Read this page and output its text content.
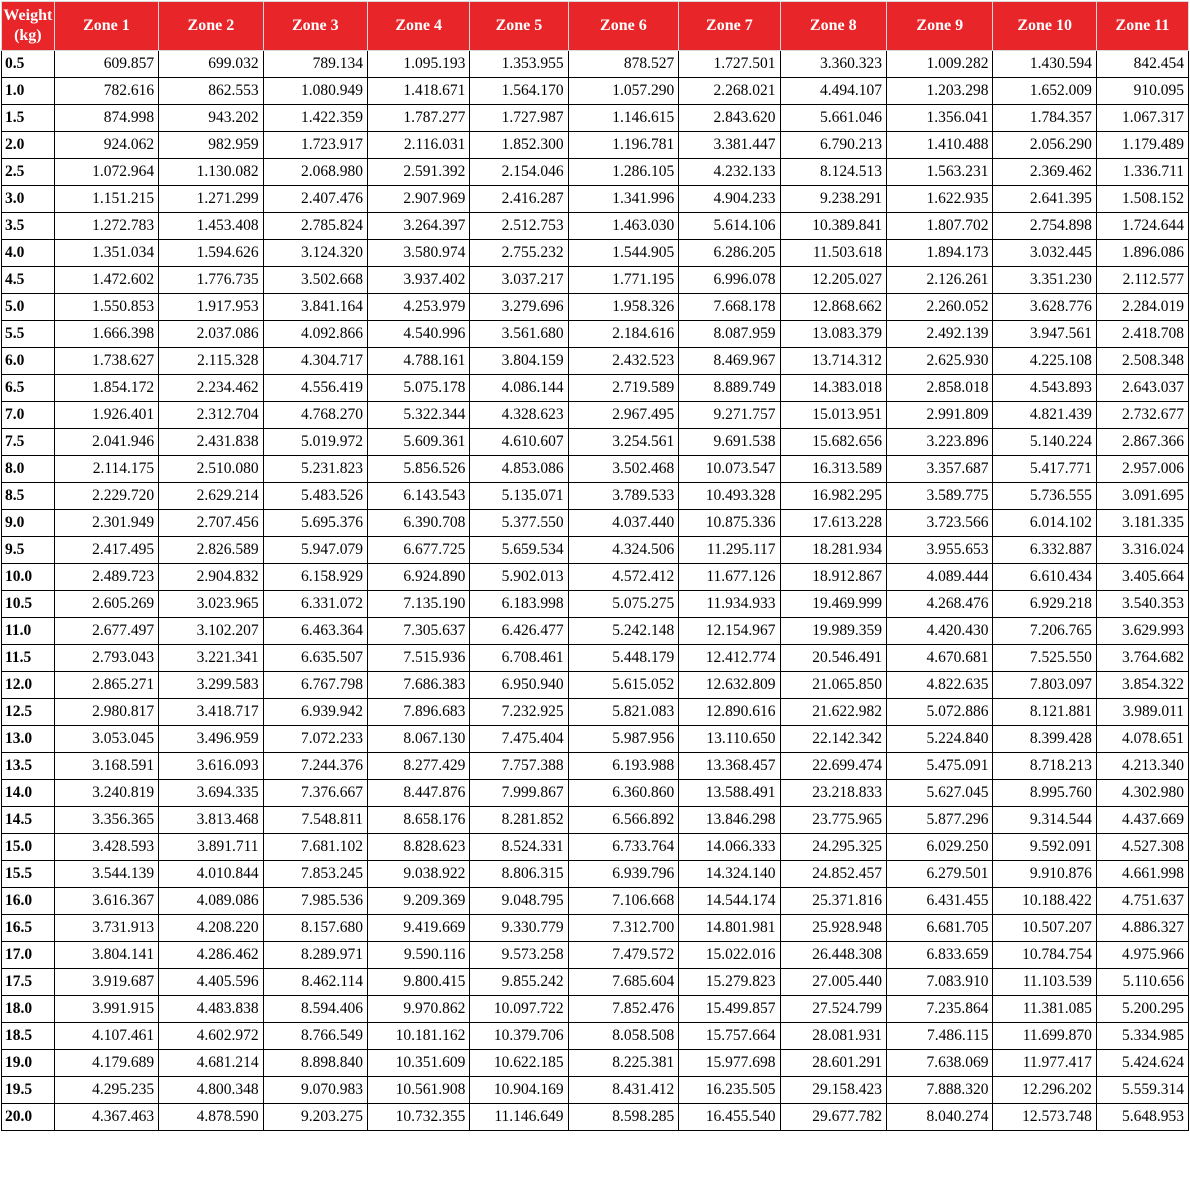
Weight
(kg)	Zone 1	Zone 2	Zone 3	Zone 4	Zone 5	Zone 6	Zone 7	Zone 8	Zone 9	Zone 10	Zone 11
0.5	609.857	699.032	789.134	1.095.193	1.353.955	878.527	1.727.501	3.360.323	1.009.282	1.430.594	842.454
1.0	782.616	862.553	1.080.949	1.418.671	1.564.170	1.057.290	2.268.021	4.494.107	1.203.298	1.652.009	910.095
1.5	874.998	943.202	1.422.359	1.787.277	1.727.987	1.146.615	2.843.620	5.661.046	1.356.041	1.784.357	1.067.317
2.0	924.062	982.959	1.723.917	2.116.031	1.852.300	1.196.781	3.381.447	6.790.213	1.410.488	2.056.290	1.179.489
2.5	1.072.964	1.130.082	2.068.980	2.591.392	2.154.046	1.286.105	4.232.133	8.124.513	1.563.231	2.369.462	1.336.711
3.0	1.151.215	1.271.299	2.407.476	2.907.969	2.416.287	1.341.996	4.904.233	9.238.291	1.622.935	2.641.395	1.508.152
3.5	1.272.783	1.453.408	2.785.824	3.264.397	2.512.753	1.463.030	5.614.106	10.389.841	1.807.702	2.754.898	1.724.644
4.0	1.351.034	1.594.626	3.124.320	3.580.974	2.755.232	1.544.905	6.286.205	11.503.618	1.894.173	3.032.445	1.896.086
4.5	1.472.602	1.776.735	3.502.668	3.937.402	3.037.217	1.771.195	6.996.078	12.205.027	2.126.261	3.351.230	2.112.577
5.0	1.550.853	1.917.953	3.841.164	4.253.979	3.279.696	1.958.326	7.668.178	12.868.662	2.260.052	3.628.776	2.284.019
5.5	1.666.398	2.037.086	4.092.866	4.540.996	3.561.680	2.184.616	8.087.959	13.083.379	2.492.139	3.947.561	2.418.708
6.0	1.738.627	2.115.328	4.304.717	4.788.161	3.804.159	2.432.523	8.469.967	13.714.312	2.625.930	4.225.108	2.508.348
6.5	1.854.172	2.234.462	4.556.419	5.075.178	4.086.144	2.719.589	8.889.749	14.383.018	2.858.018	4.543.893	2.643.037
7.0	1.926.401	2.312.704	4.768.270	5.322.344	4.328.623	2.967.495	9.271.757	15.013.951	2.991.809	4.821.439	2.732.677
7.5	2.041.946	2.431.838	5.019.972	5.609.361	4.610.607	3.254.561	9.691.538	15.682.656	3.223.896	5.140.224	2.867.366
8.0	2.114.175	2.510.080	5.231.823	5.856.526	4.853.086	3.502.468	10.073.547	16.313.589	3.357.687	5.417.771	2.957.006
8.5	2.229.720	2.629.214	5.483.526	6.143.543	5.135.071	3.789.533	10.493.328	16.982.295	3.589.775	5.736.555	3.091.695
9.0	2.301.949	2.707.456	5.695.376	6.390.708	5.377.550	4.037.440	10.875.336	17.613.228	3.723.566	6.014.102	3.181.335
9.5	2.417.495	2.826.589	5.947.079	6.677.725	5.659.534	4.324.506	11.295.117	18.281.934	3.955.653	6.332.887	3.316.024
10.0	2.489.723	2.904.832	6.158.929	6.924.890	5.902.013	4.572.412	11.677.126	18.912.867	4.089.444	6.610.434	3.405.664
10.5	2.605.269	3.023.965	6.331.072	7.135.190	6.183.998	5.075.275	11.934.933	19.469.999	4.268.476	6.929.218	3.540.353
11.0	2.677.497	3.102.207	6.463.364	7.305.637	6.426.477	5.242.148	12.154.967	19.989.359	4.420.430	7.206.765	3.629.993
11.5	2.793.043	3.221.341	6.635.507	7.515.936	6.708.461	5.448.179	12.412.774	20.546.491	4.670.681	7.525.550	3.764.682
12.0	2.865.271	3.299.583	6.767.798	7.686.383	6.950.940	5.615.052	12.632.809	21.065.850	4.822.635	7.803.097	3.854.322
12.5	2.980.817	3.418.717	6.939.942	7.896.683	7.232.925	5.821.083	12.890.616	21.622.982	5.072.886	8.121.881	3.989.011
13.0	3.053.045	3.496.959	7.072.233	8.067.130	7.475.404	5.987.956	13.110.650	22.142.342	5.224.840	8.399.428	4.078.651
13.5	3.168.591	3.616.093	7.244.376	8.277.429	7.757.388	6.193.988	13.368.457	22.699.474	5.475.091	8.718.213	4.213.340
14.0	3.240.819	3.694.335	7.376.667	8.447.876	7.999.867	6.360.860	13.588.491	23.218.833	5.627.045	8.995.760	4.302.980
14.5	3.356.365	3.813.468	7.548.811	8.658.176	8.281.852	6.566.892	13.846.298	23.775.965	5.877.296	9.314.544	4.437.669
15.0	3.428.593	3.891.711	7.681.102	8.828.623	8.524.331	6.733.764	14.066.333	24.295.325	6.029.250	9.592.091	4.527.308
15.5	3.544.139	4.010.844	7.853.245	9.038.922	8.806.315	6.939.796	14.324.140	24.852.457	6.279.501	9.910.876	4.661.998
16.0	3.616.367	4.089.086	7.985.536	9.209.369	9.048.795	7.106.668	14.544.174	25.371.816	6.431.455	10.188.422	4.751.637
16.5	3.731.913	4.208.220	8.157.680	9.419.669	9.330.779	7.312.700	14.801.981	25.928.948	6.681.705	10.507.207	4.886.327
17.0	3.804.141	4.286.462	8.289.971	9.590.116	9.573.258	7.479.572	15.022.016	26.448.308	6.833.659	10.784.754	4.975.966
17.5	3.919.687	4.405.596	8.462.114	9.800.415	9.855.242	7.685.604	15.279.823	27.005.440	7.083.910	11.103.539	5.110.656
18.0	3.991.915	4.483.838	8.594.406	9.970.862	10.097.722	7.852.476	15.499.857	27.524.799	7.235.864	11.381.085	5.200.295
18.5	4.107.461	4.602.972	8.766.549	10.181.162	10.379.706	8.058.508	15.757.664	28.081.931	7.486.115	11.699.870	5.334.985
19.0	4.179.689	4.681.214	8.898.840	10.351.609	10.622.185	8.225.381	15.977.698	28.601.291	7.638.069	11.977.417	5.424.624
19.5	4.295.235	4.800.348	9.070.983	10.561.908	10.904.169	8.431.412	16.235.505	29.158.423	7.888.320	12.296.202	5.559.314
20.0	4.367.463	4.878.590	9.203.275	10.732.355	11.146.649	8.598.285	16.455.540	29.677.782	8.040.274	12.573.748	5.648.953
